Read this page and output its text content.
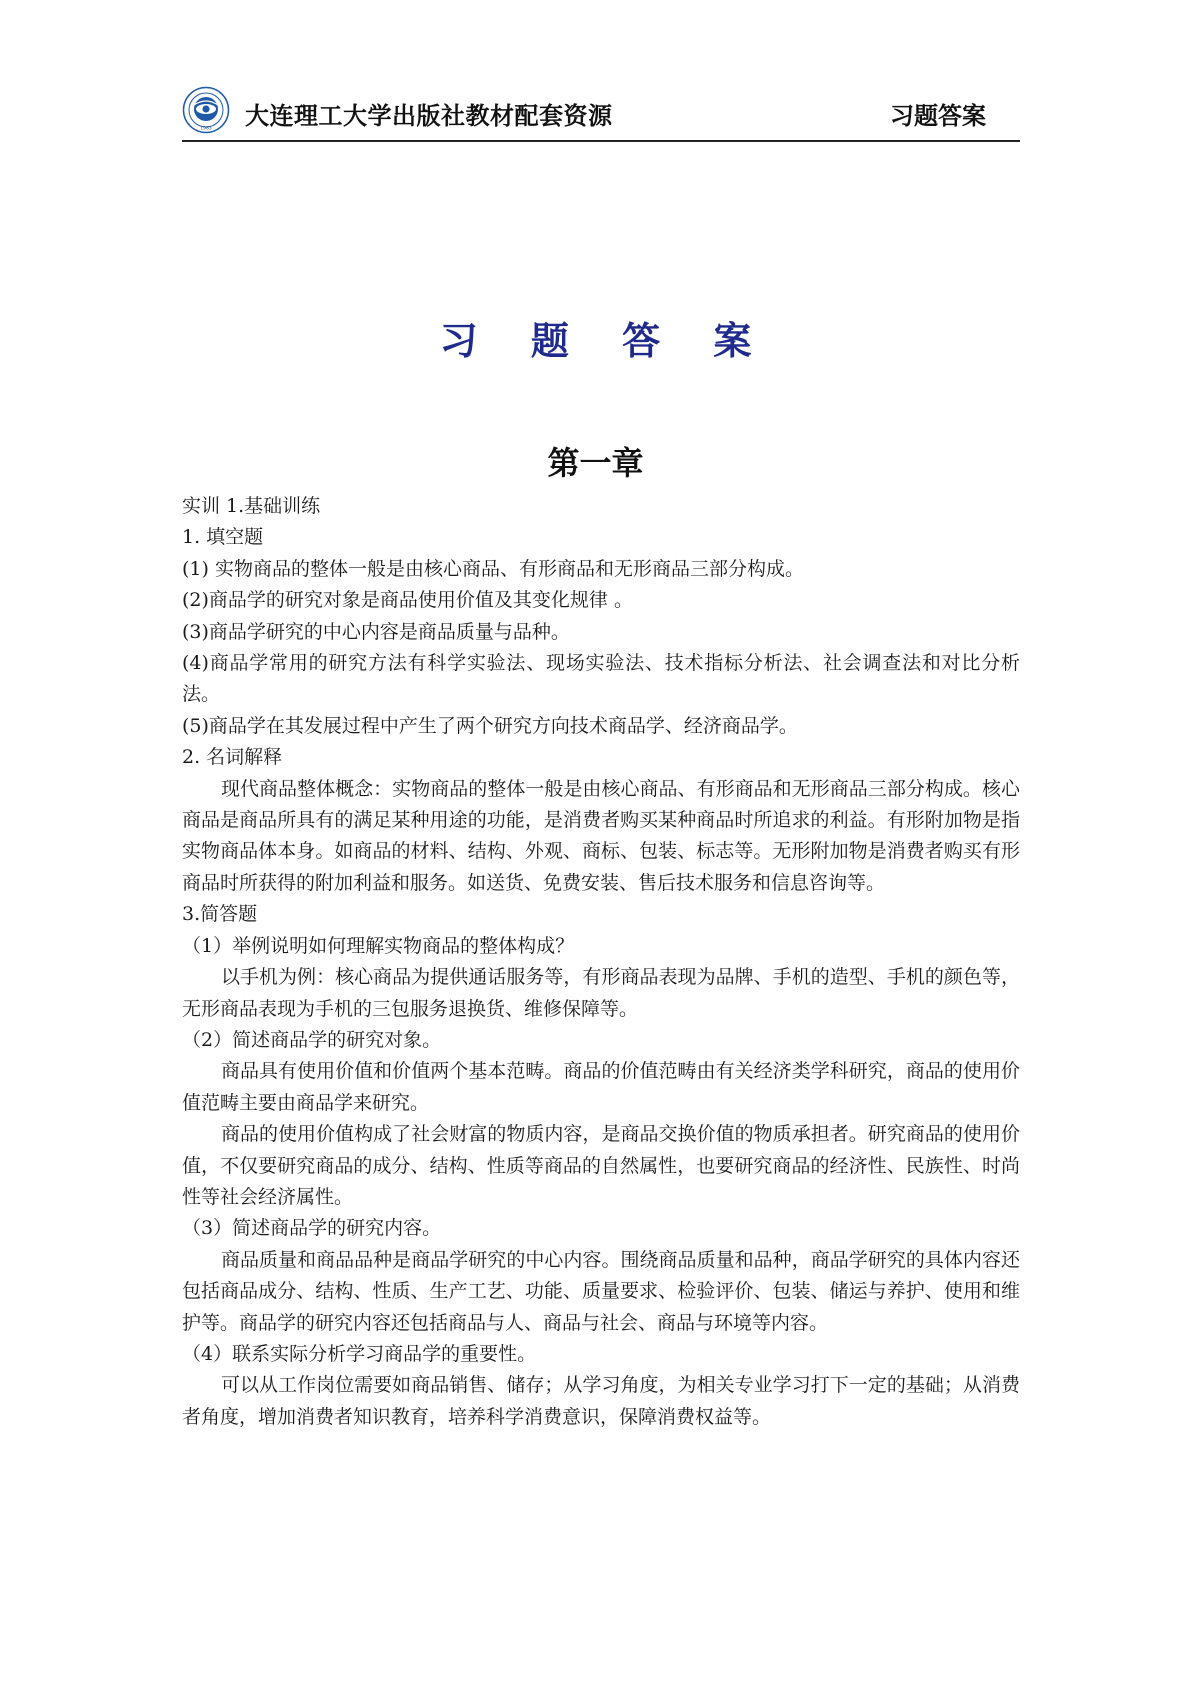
1983 大连理工大学出版社教材配套资源	习题答案
习 题 答 案
第一章

实训 1.基础训练

1. 填空题

(1) 实物商品的整体一般是由核心商品、有形商品和无形商品三部分构成。

(2)商品学的研究对象是商品使用价值及其变化规律 。

(3)商品学研究的中心内容是商品质量与品种。

(4)商品学常用的研究方法有科学实验法、现场实验法、技术指标分析法、社会调查法和对比分析法。

(5)商品学在其发展过程中产生了两个研究方向技术商品学、经济商品学。

2. 名词解释

现代商品整体概念：实物商品的整体一般是由核心商品、有形商品和无形商品三部分构成。核心商品是商品所具有的满足某种用途的功能，是消费者购买某种商品时所追求的利益。有形附加物是指实物商品体本身。如商品的材料、结构、外观、商标、包装、标志等。无形附加物是消费者购买有形商品时所获得的附加利益和服务。如送货、免费安装、售后技术服务和信息咨询等。

3.简答题

（1）举例说明如何理解实物商品的整体构成？

以手机为例：核心商品为提供通话服务等，有形商品表现为品牌、手机的造型、手机的颜色等，无形商品表现为手机的三包服务退换货、维修保障等。

（2）简述商品学的研究对象。

商品具有使用价值和价值两个基本范畴。商品的价值范畴由有关经济类学科研究，商品的使用价值范畴主要由商品学来研究。

商品的使用价值构成了社会财富的物质内容，是商品交换价值的物质承担者。研究商品的使用价值，不仅要研究商品的成分、结构、性质等商品的自然属性，也要研究商品的经济性、民族性、时尚性等社会经济属性。

（3）简述商品学的研究内容。

商品质量和商品品种是商品学研究的中心内容。围绕商品质量和品种，商品学研究的具体内容还包括商品成分、结构、性质、生产工艺、功能、质量要求、检验评价、包装、储运与养护、使用和维护等。商品学的研究内容还包括商品与人、商品与社会、商品与环境等内容。

（4）联系实际分析学习商品学的重要性。

可以从工作岗位需要如商品销售、储存；从学习角度，为相关专业学习打下一定的基础；从消费者角度，增加消费者知识教育，培养科学消费意识，保障消费权益等。
